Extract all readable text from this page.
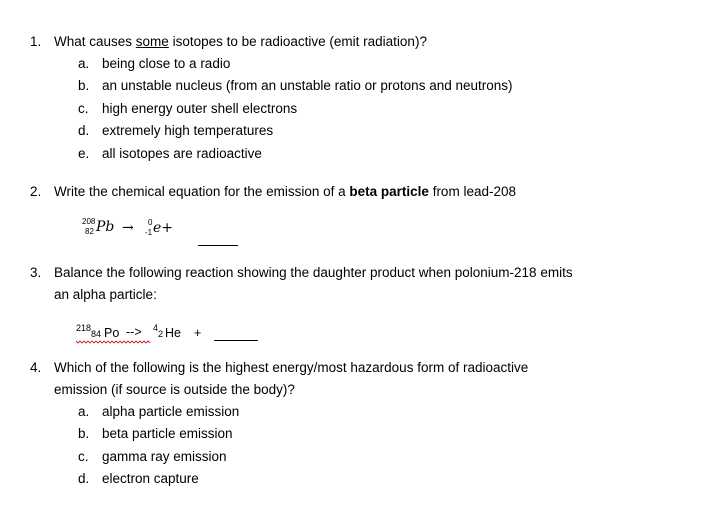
1. What causes some isotopes to be radioactive (emit radiation)?
a. being close to a radio
b. an unstable nucleus (from an unstable ratio or protons and neutrons)
c. high energy outer shell electrons
d. extremely high temperatures
e. all isotopes are radioactive
2. Write the chemical equation for the emission of a beta particle from lead-208
208
82 Pb → 0
-1 e+
3. Balance the following reaction showing the daughter product when polonium-218 emits
an alpha particle:
218
84 Po --> 4
2 He +
4. Which of the following is the highest energy/most hazardous form of radioactive
emission (if source is outside the body)?
a. alpha particle emission
b. beta particle emission
c. gamma ray emission
d. electron capture
